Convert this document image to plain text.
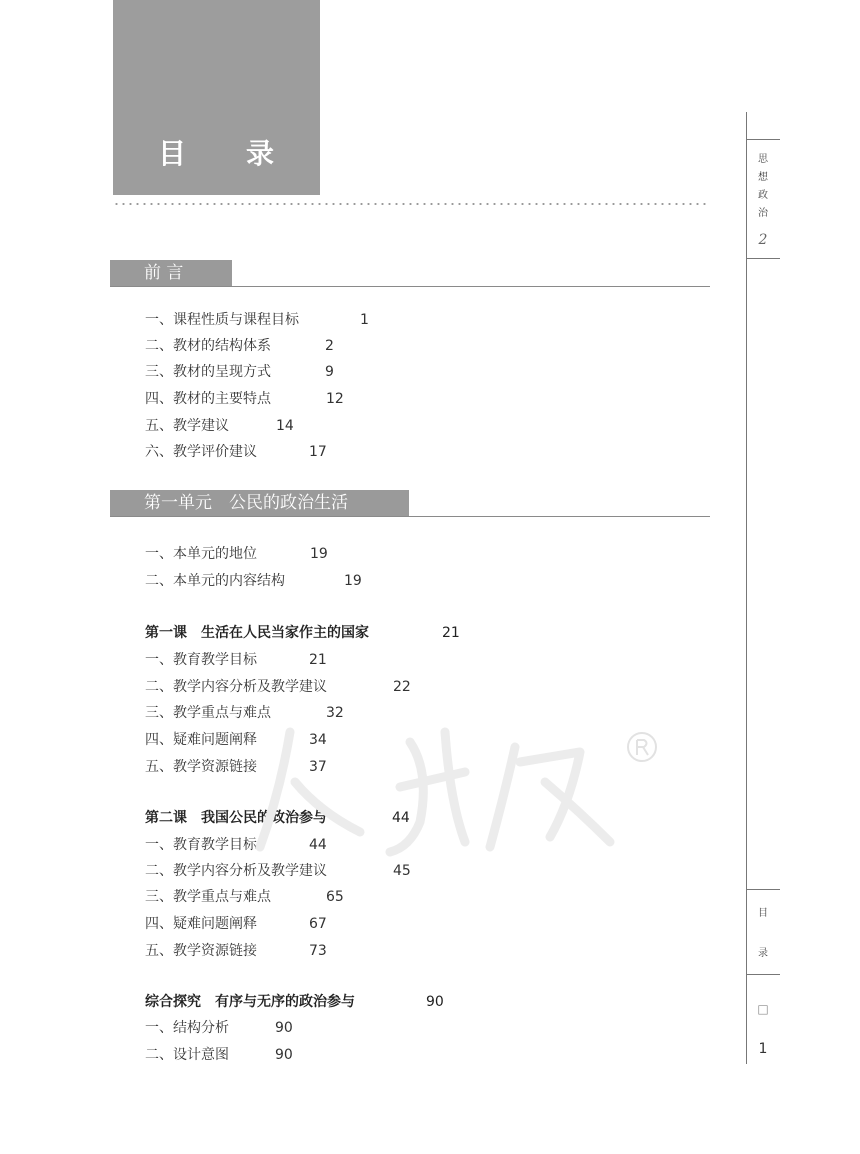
目 录
前 言
一、课程性质与课程目标	1
二、教材的结构体系	2
三、教材的呈现方式	9
四、教材的主要特点	12
五、教学建议	14
六、教学评价建议	17
第一单元　公民的政治生活
一、本单元的地位	19
二、本单元的内容结构	19
第一课　生活在人民当家作主的国家	21
一、教育教学目标	21
二、教学内容分析及教学建议	22
三、教学重点与难点	32
四、疑难问题阐释	34
五、教学资源链接	37
第二课　我国公民的政治参与	44
一、教育教学目标	44
二、教学内容分析及教学建议	45
三、教学重点与难点	65
四、疑难问题阐释	67
五、教学资源链接	73
综合探究　有序与无序的政治参与	90
一、结构分析	90
二、设计意图	90
思
想
政
治
2
目
录
□
1
